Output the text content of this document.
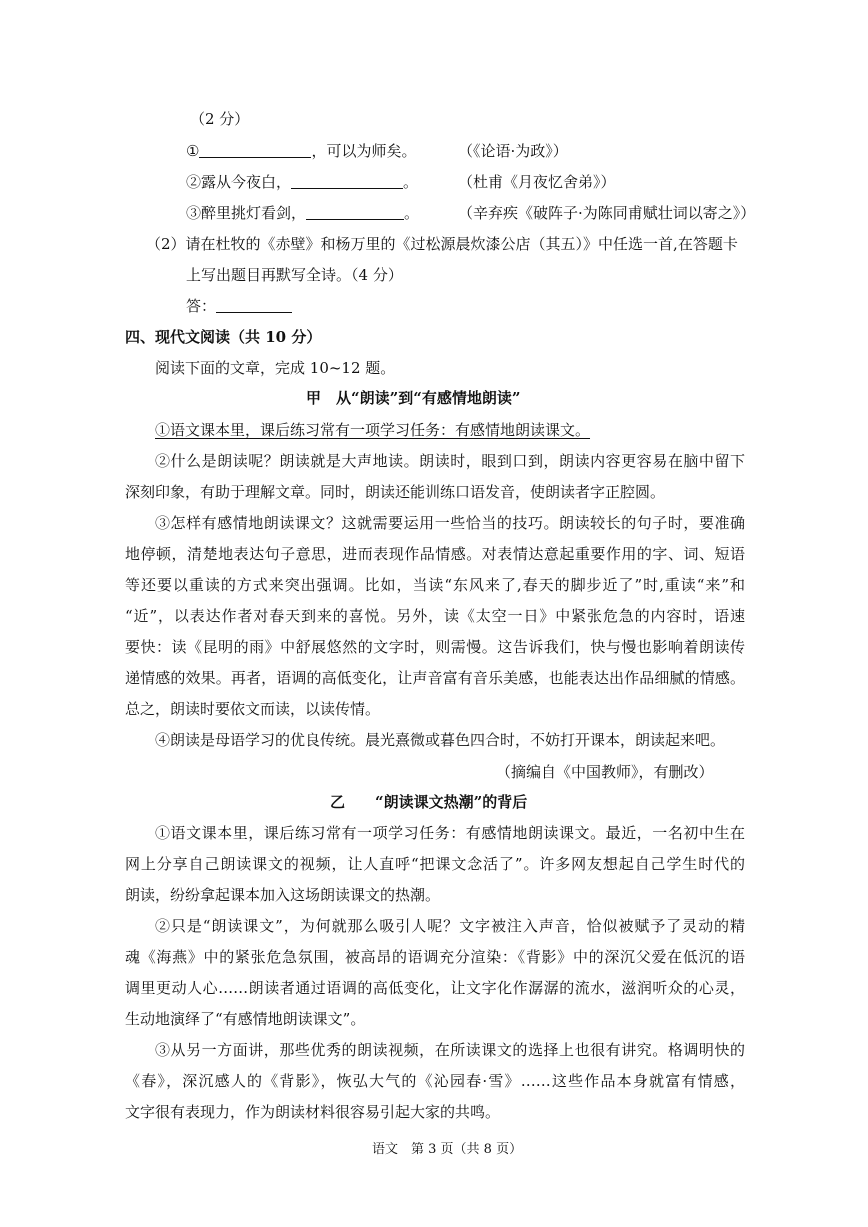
（2 分）
①	，可以为师矣。	（《论语·为政》）
②露从今夜白，	。	（杜甫《月夜忆舍弟》）
③醉里挑灯看剑，	。	（辛弃疾《破阵子·为陈同甫赋壮词以寄之》）
（2）请在杜牧的《赤壁》和杨万里的《过松源晨炊漆公店（其五）》中任选一首,在答题卡
上写出题目再默写全诗。（4 分）
答：
四、现代文阅读（共 10 分）
阅读下面的文章，完成 10~12 题。
甲　从“朗读”到“有感情地朗读”
①语文课本里，课后练习常有一项学习任务：有感情地朗读课文。
②什么是朗读呢？朗读就是大声地读。朗读时，眼到口到，朗读内容更容易在脑中留下
深刻印象，有助于理解文章。同时，朗读还能训练口语发音，使朗读者字正腔圆。
③怎样有感情地朗读课文？这就需要运用一些恰当的技巧。朗读较长的句子时，要准确
地停顿，清楚地表达句子意思，进而表现作品情感。对表情达意起重要作用的字、词、短语
等还要以重读的方式来突出强调。比如，当读“东风来了,春天的脚步近了”时,重读“来”和
“近”，以表达作者对春天到来的喜悦。另外，读《太空一日》中紧张危急的内容时，语速
要快：读《昆明的雨》中舒展悠然的文字时，则需慢。这告诉我们，快与慢也影响着朗读传
递情感的效果。再者，语调的高低变化，让声音富有音乐美感，也能表达出作品细腻的情感。
总之，朗读时要依文而读，以读传情。
④朗读是母语学习的优良传统。晨光熹微或暮色四合时，不妨打开课本，朗读起来吧。
（摘编自《中国教师》，有删改）
乙　　“朗读课文热潮”的背后
①语文课本里，课后练习常有一项学习任务：有感情地朗读课文。最近，一名初中生在
网上分享自己朗读课文的视频，让人直呼“把课文念活了”。许多网友想起自己学生时代的
朗读，纷纷拿起课本加入这场朗读课文的热潮。
②只是“朗读课文”，为何就那么吸引人呢？文字被注入声音，恰似被赋予了灵动的精
魂《海燕》中的紧张危急氛围，被高昂的语调充分渲染：《背影》中的深沉父爱在低沉的语
调里更动人心……朗读者通过语调的高低变化，让文字化作潺潺的流水，滋润听众的心灵，
生动地演绎了“有感情地朗读课文”。
③从另一方面讲，那些优秀的朗读视频，在所读课文的选择上也很有讲究。格调明快的
《春》，深沉感人的《背影》，恢弘大气的《沁园春·雪》……这些作品本身就富有情感，
文字很有表现力，作为朗读材料很容易引起大家的共鸣。
语文　第 3 页（共 8 页）
